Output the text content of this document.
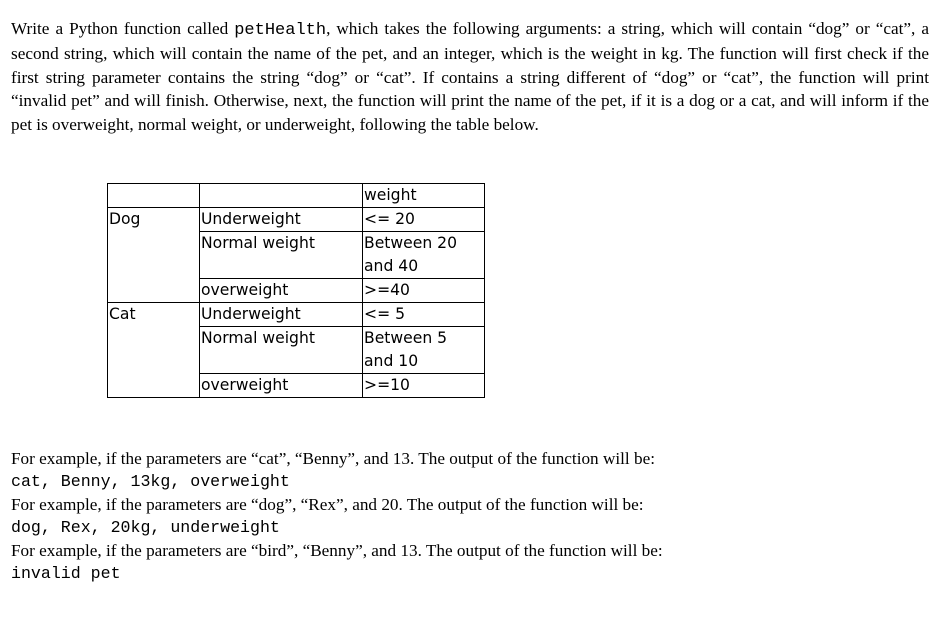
Write a Python function called petHealth, which takes the following arguments: a string, which will contain “dog” or “cat”, a second string, which will contain the name of the pet, and an integer, which is the weight in kg. The function will first check if the first string parameter contains the string “dog” or “cat”. If contains a string different of “dog” or “cat”, the function will print “invalid pet” and will finish. Otherwise, next, the function will print the name of the pet, if it is a dog or a cat, and will inform if the pet is overweight, normal weight, or underweight, following the table below.

		weight

Dog	Underweight	<= 20

	Normal weight	Between 20
and 40

	overweight	>=40

Cat	Underweight	<= 5

	Normal weight	Between 5
and 10

	overweight	>=10

For example, if the parameters are “cat”, “Benny”, and 13. The output of the function will be:

cat, Benny, 13kg, overweight

For example, if the parameters are “dog”, “Rex”, and 20. The output of the function will be:

dog, Rex, 20kg, underweight

For example, if the parameters are “bird”, “Benny”, and 13. The output of the function will be:

invalid pet
